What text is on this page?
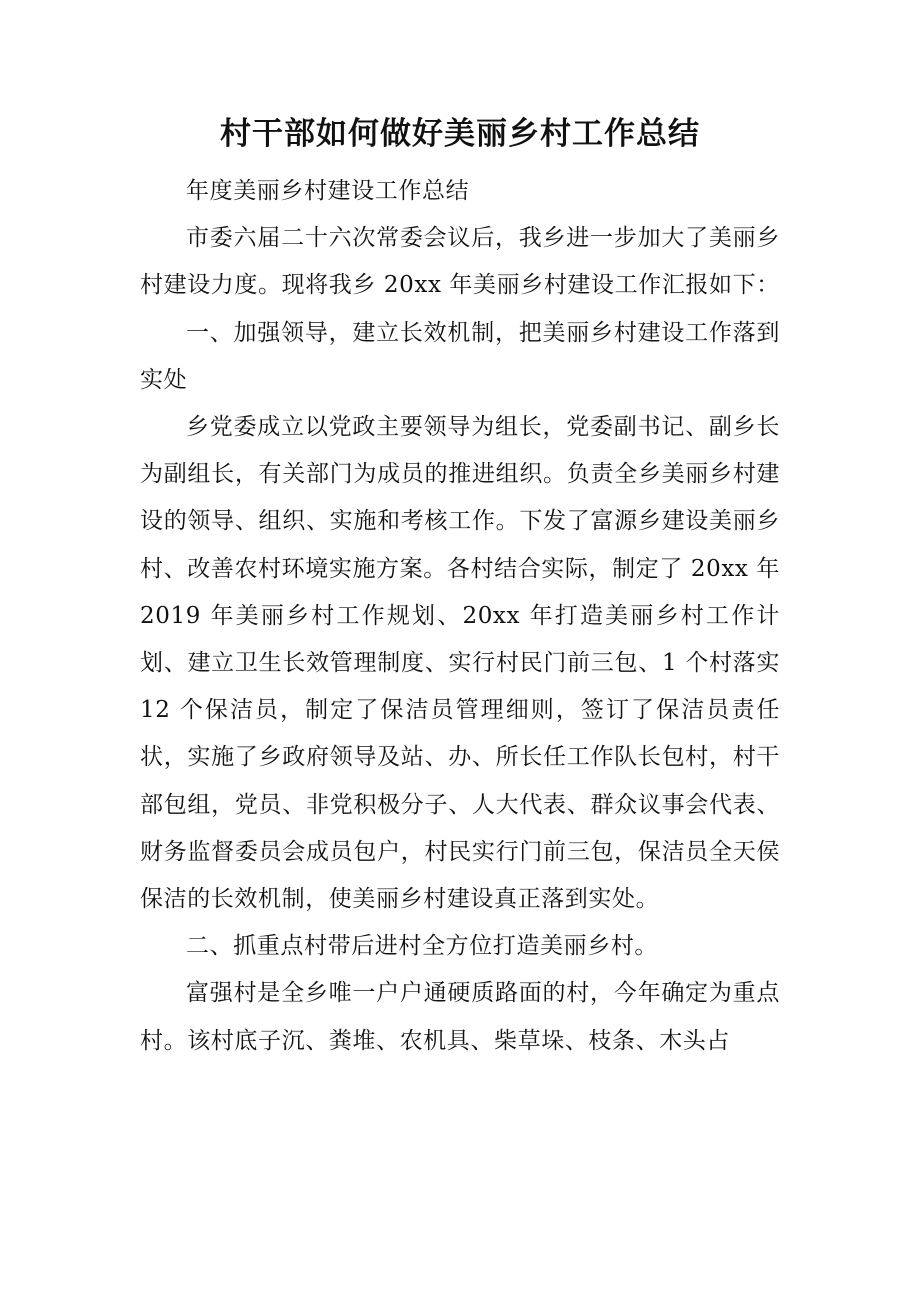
村干部如何做好美丽乡村工作总结

年度美丽乡村建设工作总结

市委六届二十六次常委会议后，我乡进一步加大了美丽乡村建设力度。现将我乡 20xx 年美丽乡村建设工作汇报如下：

一、加强领导，建立长效机制，把美丽乡村建设工作落到实处

乡党委成立以党政主要领导为组长，党委副书记、副乡长为副组长，有关部门为成员的推进组织。负责全乡美丽乡村建设的领导、组织、实施和考核工作。下发了富源乡建设美丽乡村、改善农村环境实施方案。各村结合实际，制定了 20xx 年 2019 年美丽乡村工作规划、20xx 年打造美丽乡村工作计划、建立卫生长效管理制度、实行村民门前三包、1 个村落实 12 个保洁员，制定了保洁员管理细则，签订了保洁员责任状，实施了乡政府领导及站、办、所长任工作队长包村，村干部包组，党员、非党积极分子、人大代表、群众议事会代表、财务监督委员会成员包户，村民实行门前三包，保洁员全天侯保洁的长效机制，使美丽乡村建设真正落到实处。

二、抓重点村带后进村全方位打造美丽乡村。

富强村是全乡唯一户户通硬质路面的村，今年确定为重点村。该村底子沉、粪堆、农机具、柴草垛、枝条、木头占
